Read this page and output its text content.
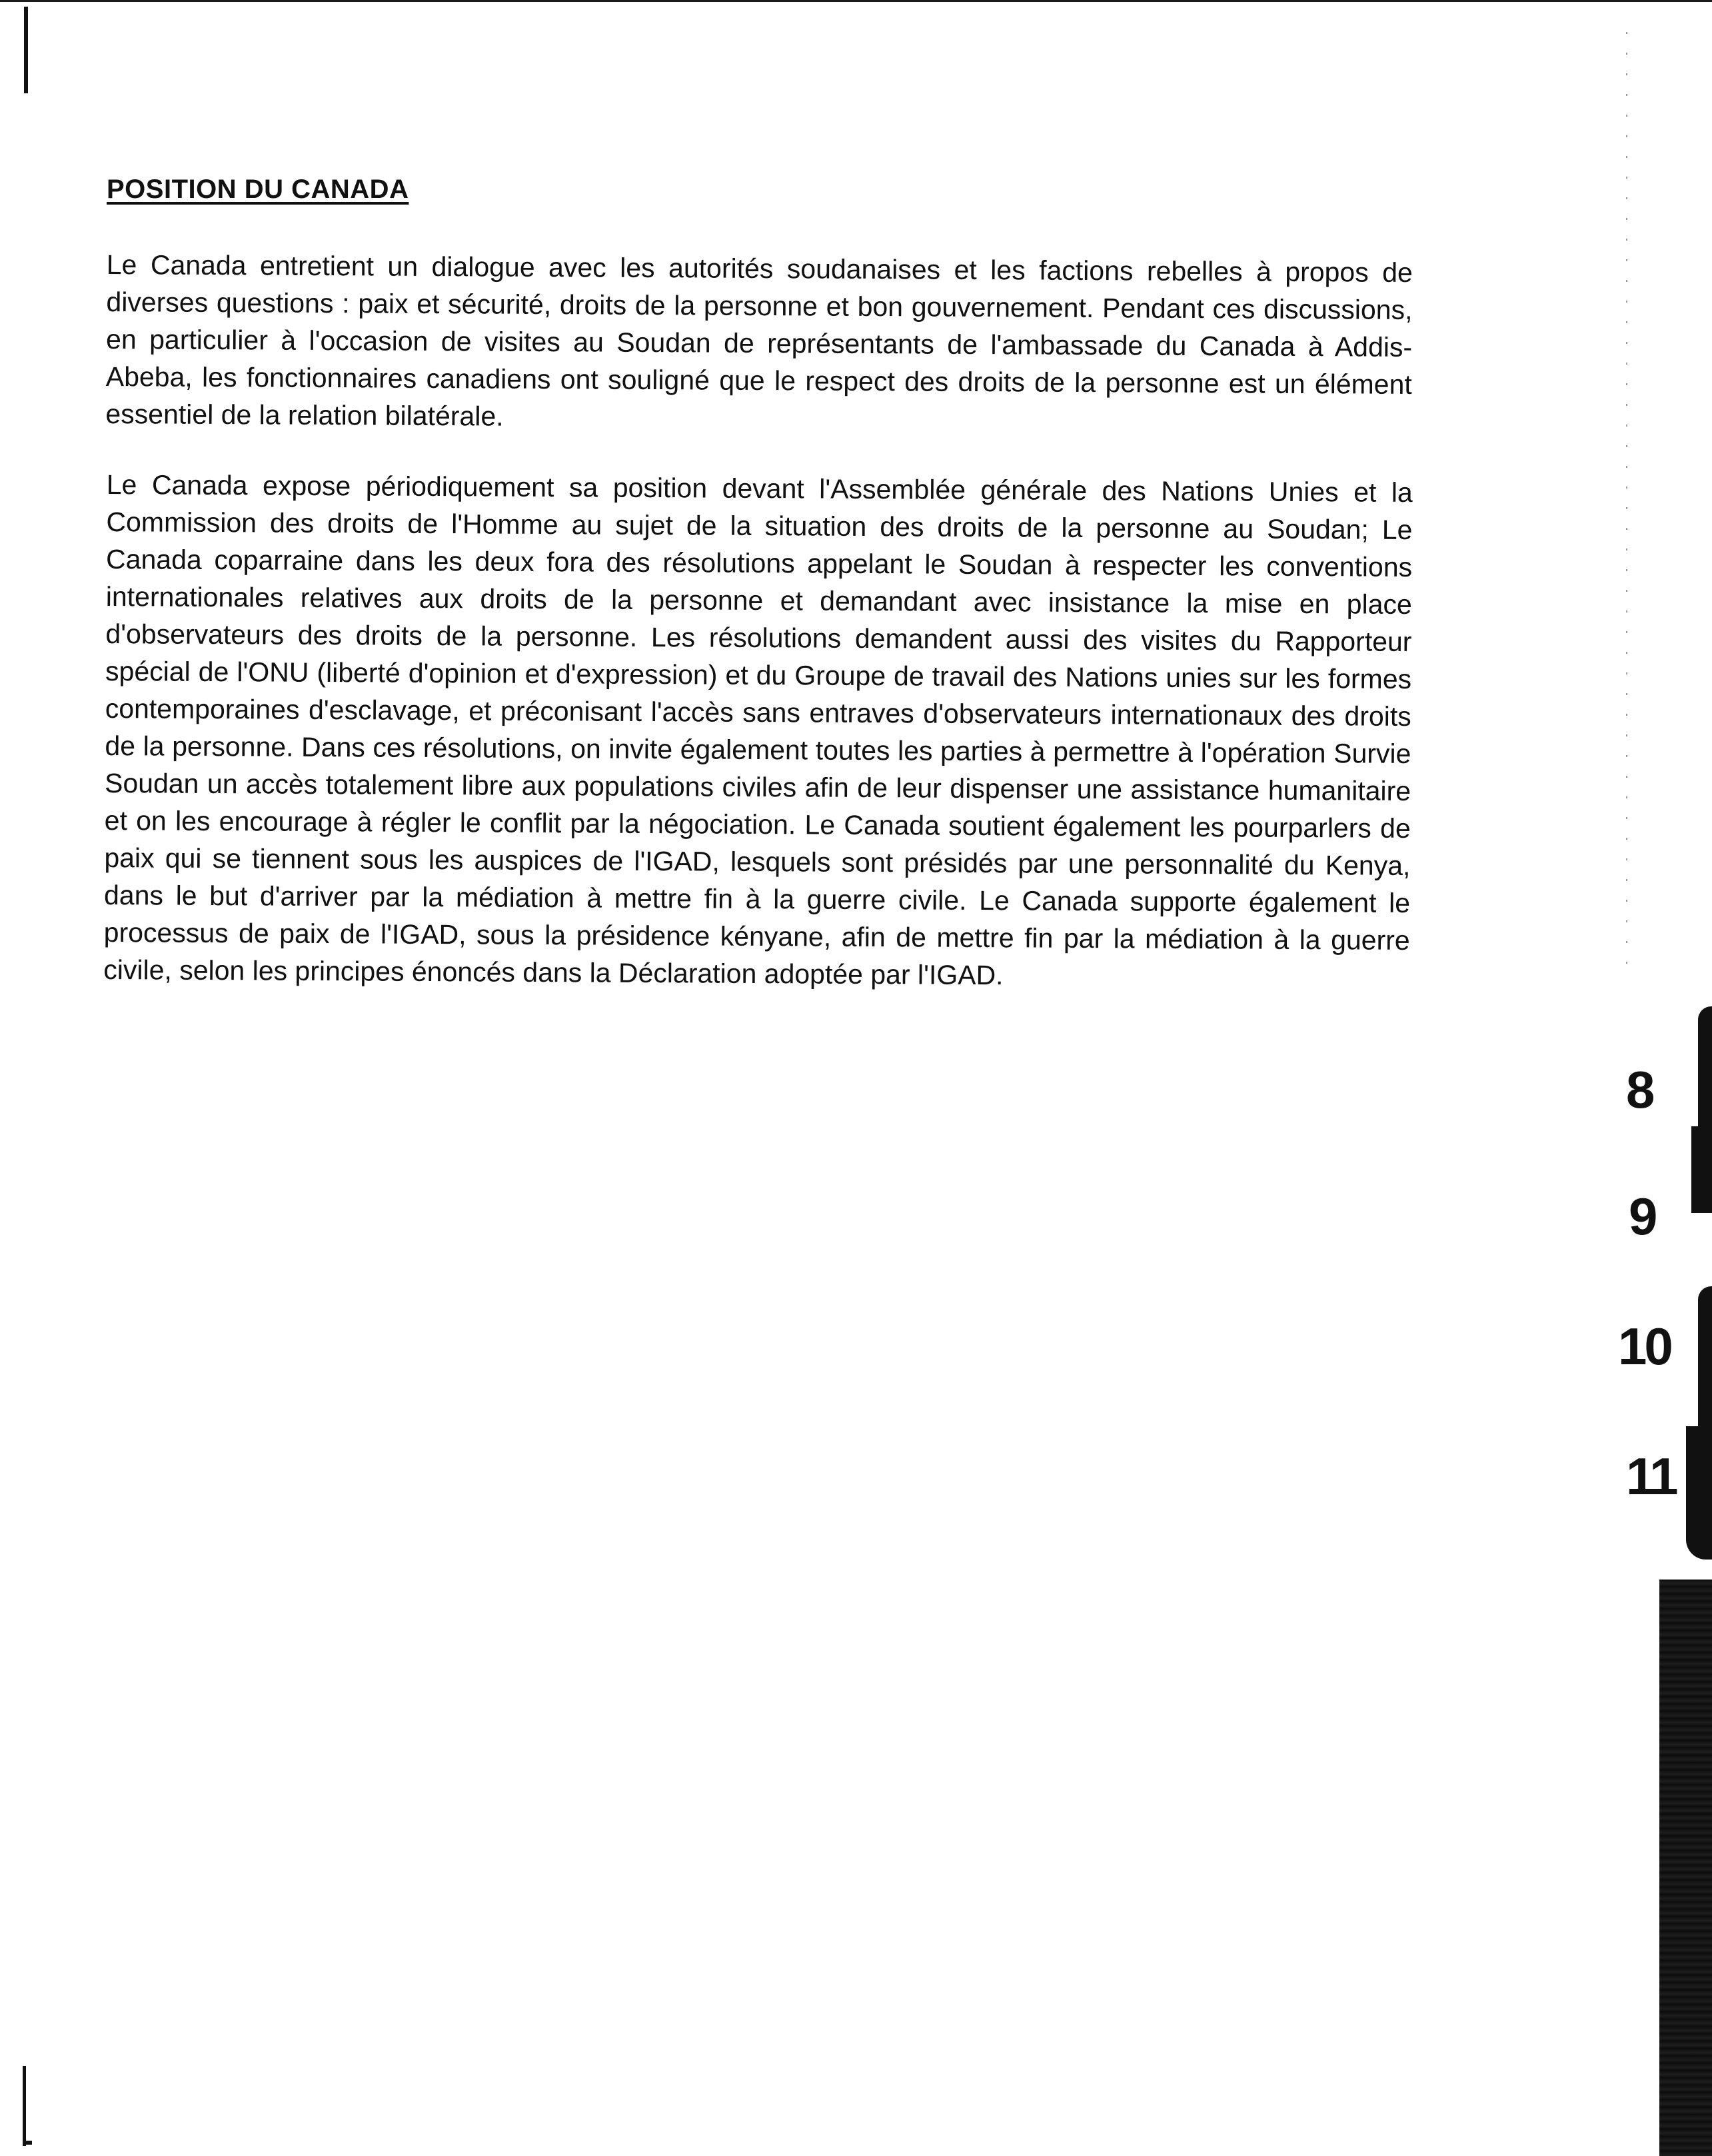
POSITION DU CANADA

Le Canada entretient un dialogue avec les autorités soudanaises et les factions rebelles à propos de diverses questions : paix et sécurité, droits de la personne et bon gouvernement. Pendant ces discussions, en particulier à l'occasion de visites au Soudan de représentants de l'ambassade du Canada à Addis-Abeba, les fonctionnaires canadiens ont souligné que le respect des droits de la personne est un élément essentiel de la relation bilatérale.

Le Canada expose périodiquement sa position devant l'Assemblée générale des Nations Unies et la Commission des droits de l'Homme au sujet de la situation des droits de la personne au Soudan; Le Canada coparraine dans les deux fora des résolutions appelant le Soudan à respecter les conventions internationales relatives aux droits de la personne et demandant avec insistance la mise en place d'observateurs des droits de la personne. Les résolutions demandent aussi des visites du Rapporteur spécial de l'ONU (liberté d'opinion et d'expression) et du Groupe de travail des Nations unies sur les formes contemporaines d'esclavage, et préconisant l'accès sans entraves d'observateurs internationaux des droits de la personne. Dans ces résolutions, on invite également toutes les parties à permettre à l'opération Survie Soudan un accès totalement libre aux populations civiles afin de leur dispenser une assistance humanitaire et on les encourage à régler le conflit par la négociation. Le Canada soutient également les pourparlers de paix qui se tiennent sous les auspices de l'IGAD, lesquels sont présidés par une personnalité du Kenya, dans le but d'arriver par la médiation à mettre fin à la guerre civile. Le Canada supporte également le processus de paix de l'IGAD, sous la présidence kényane, afin de mettre fin par la médiation à la guerre civile, selon les principes énoncés dans la Déclaration adoptée par l'IGAD.

8
9
10
11
